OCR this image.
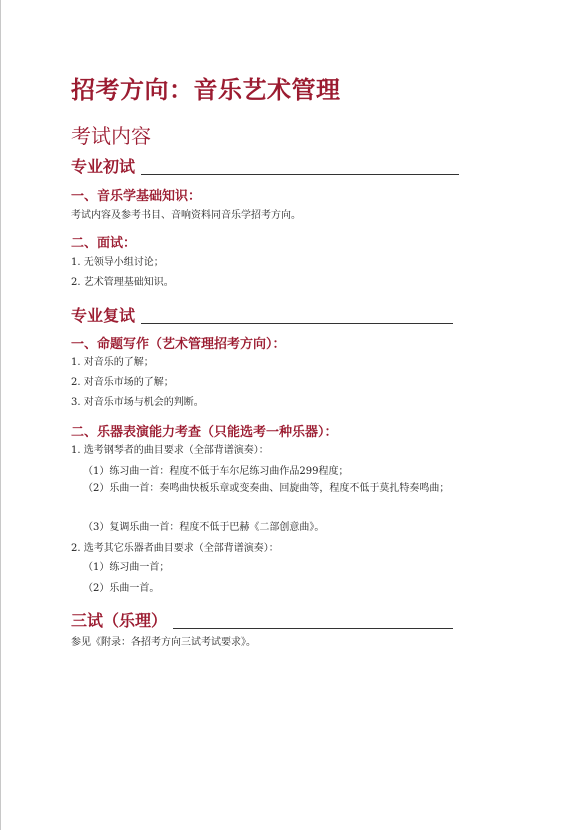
招考方向：音乐艺术管理
考试内容
专业初试
一、音乐学基础知识：
考试内容及参考书目、音响资料同音乐学招考方向。
二、面试：
1. 无领导小组讨论；
2. 艺术管理基础知识。
专业复试
一、命题写作（艺术管理招考方向）：
1. 对音乐的了解；
2. 对音乐市场的了解；
3. 对音乐市场与机会的判断。
二、乐器表演能力考查（只能选考一种乐器）：
1. 选考钢琴者的曲目要求（全部背谱演奏）：
（1）练习曲一首：程度不低于车尔尼练习曲作品299程度；
（2）乐曲一首：奏鸣曲快板乐章或变奏曲、回旋曲等，程度不低于莫扎特奏鸣曲；
（3）复调乐曲一首：程度不低于巴赫《二部创意曲》。
2. 选考其它乐器者曲目要求（全部背谱演奏）：
（1）练习曲一首；
（2）乐曲一首。
三试（乐理）
参见《附录：各招考方向三试考试要求》。
